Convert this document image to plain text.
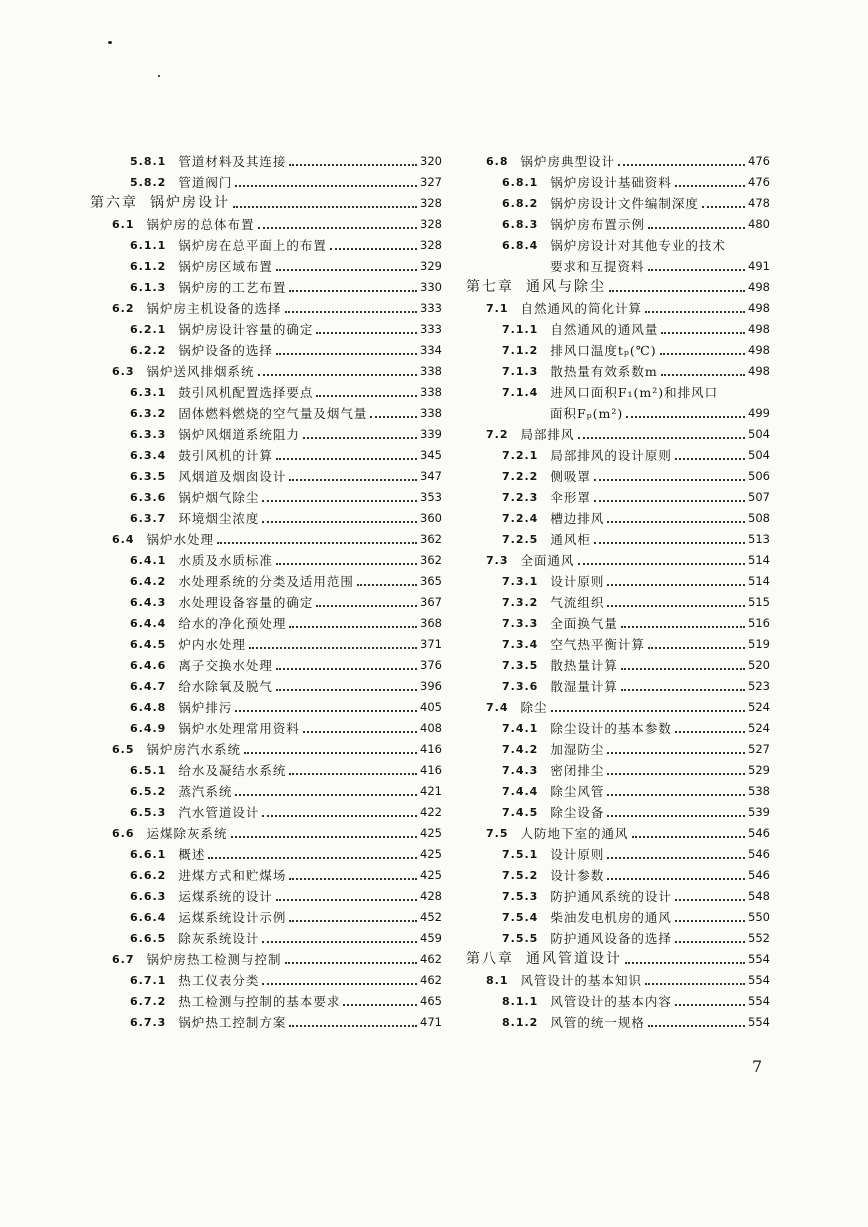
5.8.1 管道材料及其连接	320
5.8.2 管道阀门	327
第六章 锅炉房设计	328
6.1 锅炉房的总体布置	328
6.1.1 锅炉房在总平面上的布置	328
6.1.2 锅炉房区域布置	329
6.1.3 锅炉房的工艺布置	330
6.2 锅炉房主机设备的选择	333
6.2.1 锅炉房设计容量的确定	333
6.2.2 锅炉设备的选择	334
6.3 锅炉送风排烟系统	338
6.3.1 鼓引风机配置选择要点	338
6.3.2 固体燃料燃烧的空气量及烟气量	338
6.3.3 锅炉风烟道系统阻力	339
6.3.4 鼓引风机的计算	345
6.3.5 风烟道及烟囱设计	347
6.3.6 锅炉烟气除尘	353
6.3.7 环境烟尘浓度	360
6.4 锅炉水处理	362
6.4.1 水质及水质标准	362
6.4.2 水处理系统的分类及适用范围	365
6.4.3 水处理设备容量的确定	367
6.4.4 给水的净化预处理	368
6.4.5 炉内水处理	371
6.4.6 离子交换水处理	376
6.4.7 给水除氧及脱气	396
6.4.8 锅炉排污	405
6.4.9 锅炉水处理常用资料	408
6.5 锅炉房汽水系统	416
6.5.1 给水及凝结水系统	416
6.5.2 蒸汽系统	421
6.5.3 汽水管道设计	422
6.6 运煤除灰系统	425
6.6.1 概述	425
6.6.2 进煤方式和贮煤场	425
6.6.3 运煤系统的设计	428
6.6.4 运煤系统设计示例	452
6.6.5 除灰系统设计	459
6.7 锅炉房热工检测与控制	462
6.7.1 热工仪表分类	462
6.7.2 热工检测与控制的基本要求	465
6.7.3 锅炉热工控制方案	471
6.8 锅炉房典型设计	476
6.8.1 锅炉房设计基础资料	476
6.8.2 锅炉房设计文件编制深度	478
6.8.3 锅炉房布置示例	480
6.8.4 锅炉房设计对其他专业的技术
要求和互提资料	491
第七章 通风与除尘	498
7.1 自然通风的简化计算	498
7.1.1 自然通风的通风量	498
7.1.2 排风口温度tₚ(℃)	498
7.1.3 散热量有效系数m	498
7.1.4 进风口面积F₁(m²)和排风口
面积Fₚ(m²)	499
7.2 局部排风	504
7.2.1 局部排风的设计原则	504
7.2.2 侧吸罩	506
7.2.3 伞形罩	507
7.2.4 槽边排风	508
7.2.5 通风柜	513
7.3 全面通风	514
7.3.1 设计原则	514
7.3.2 气流组织	515
7.3.3 全面换气量	516
7.3.4 空气热平衡计算	519
7.3.5 散热量计算	520
7.3.6 散湿量计算	523
7.4 除尘	524
7.4.1 除尘设计的基本参数	524
7.4.2 加湿防尘	527
7.4.3 密闭排尘	529
7.4.4 除尘风管	538
7.4.5 除尘设备	539
7.5 人防地下室的通风	546
7.5.1 设计原则	546
7.5.2 设计参数	546
7.5.3 防护通风系统的设计	548
7.5.4 柴油发电机房的通风	550
7.5.5 防护通风设备的选择	552
第八章 通风管道设计	554
8.1 风管设计的基本知识	554
8.1.1 风管设计的基本内容	554
8.1.2 风管的统一规格	554
7
